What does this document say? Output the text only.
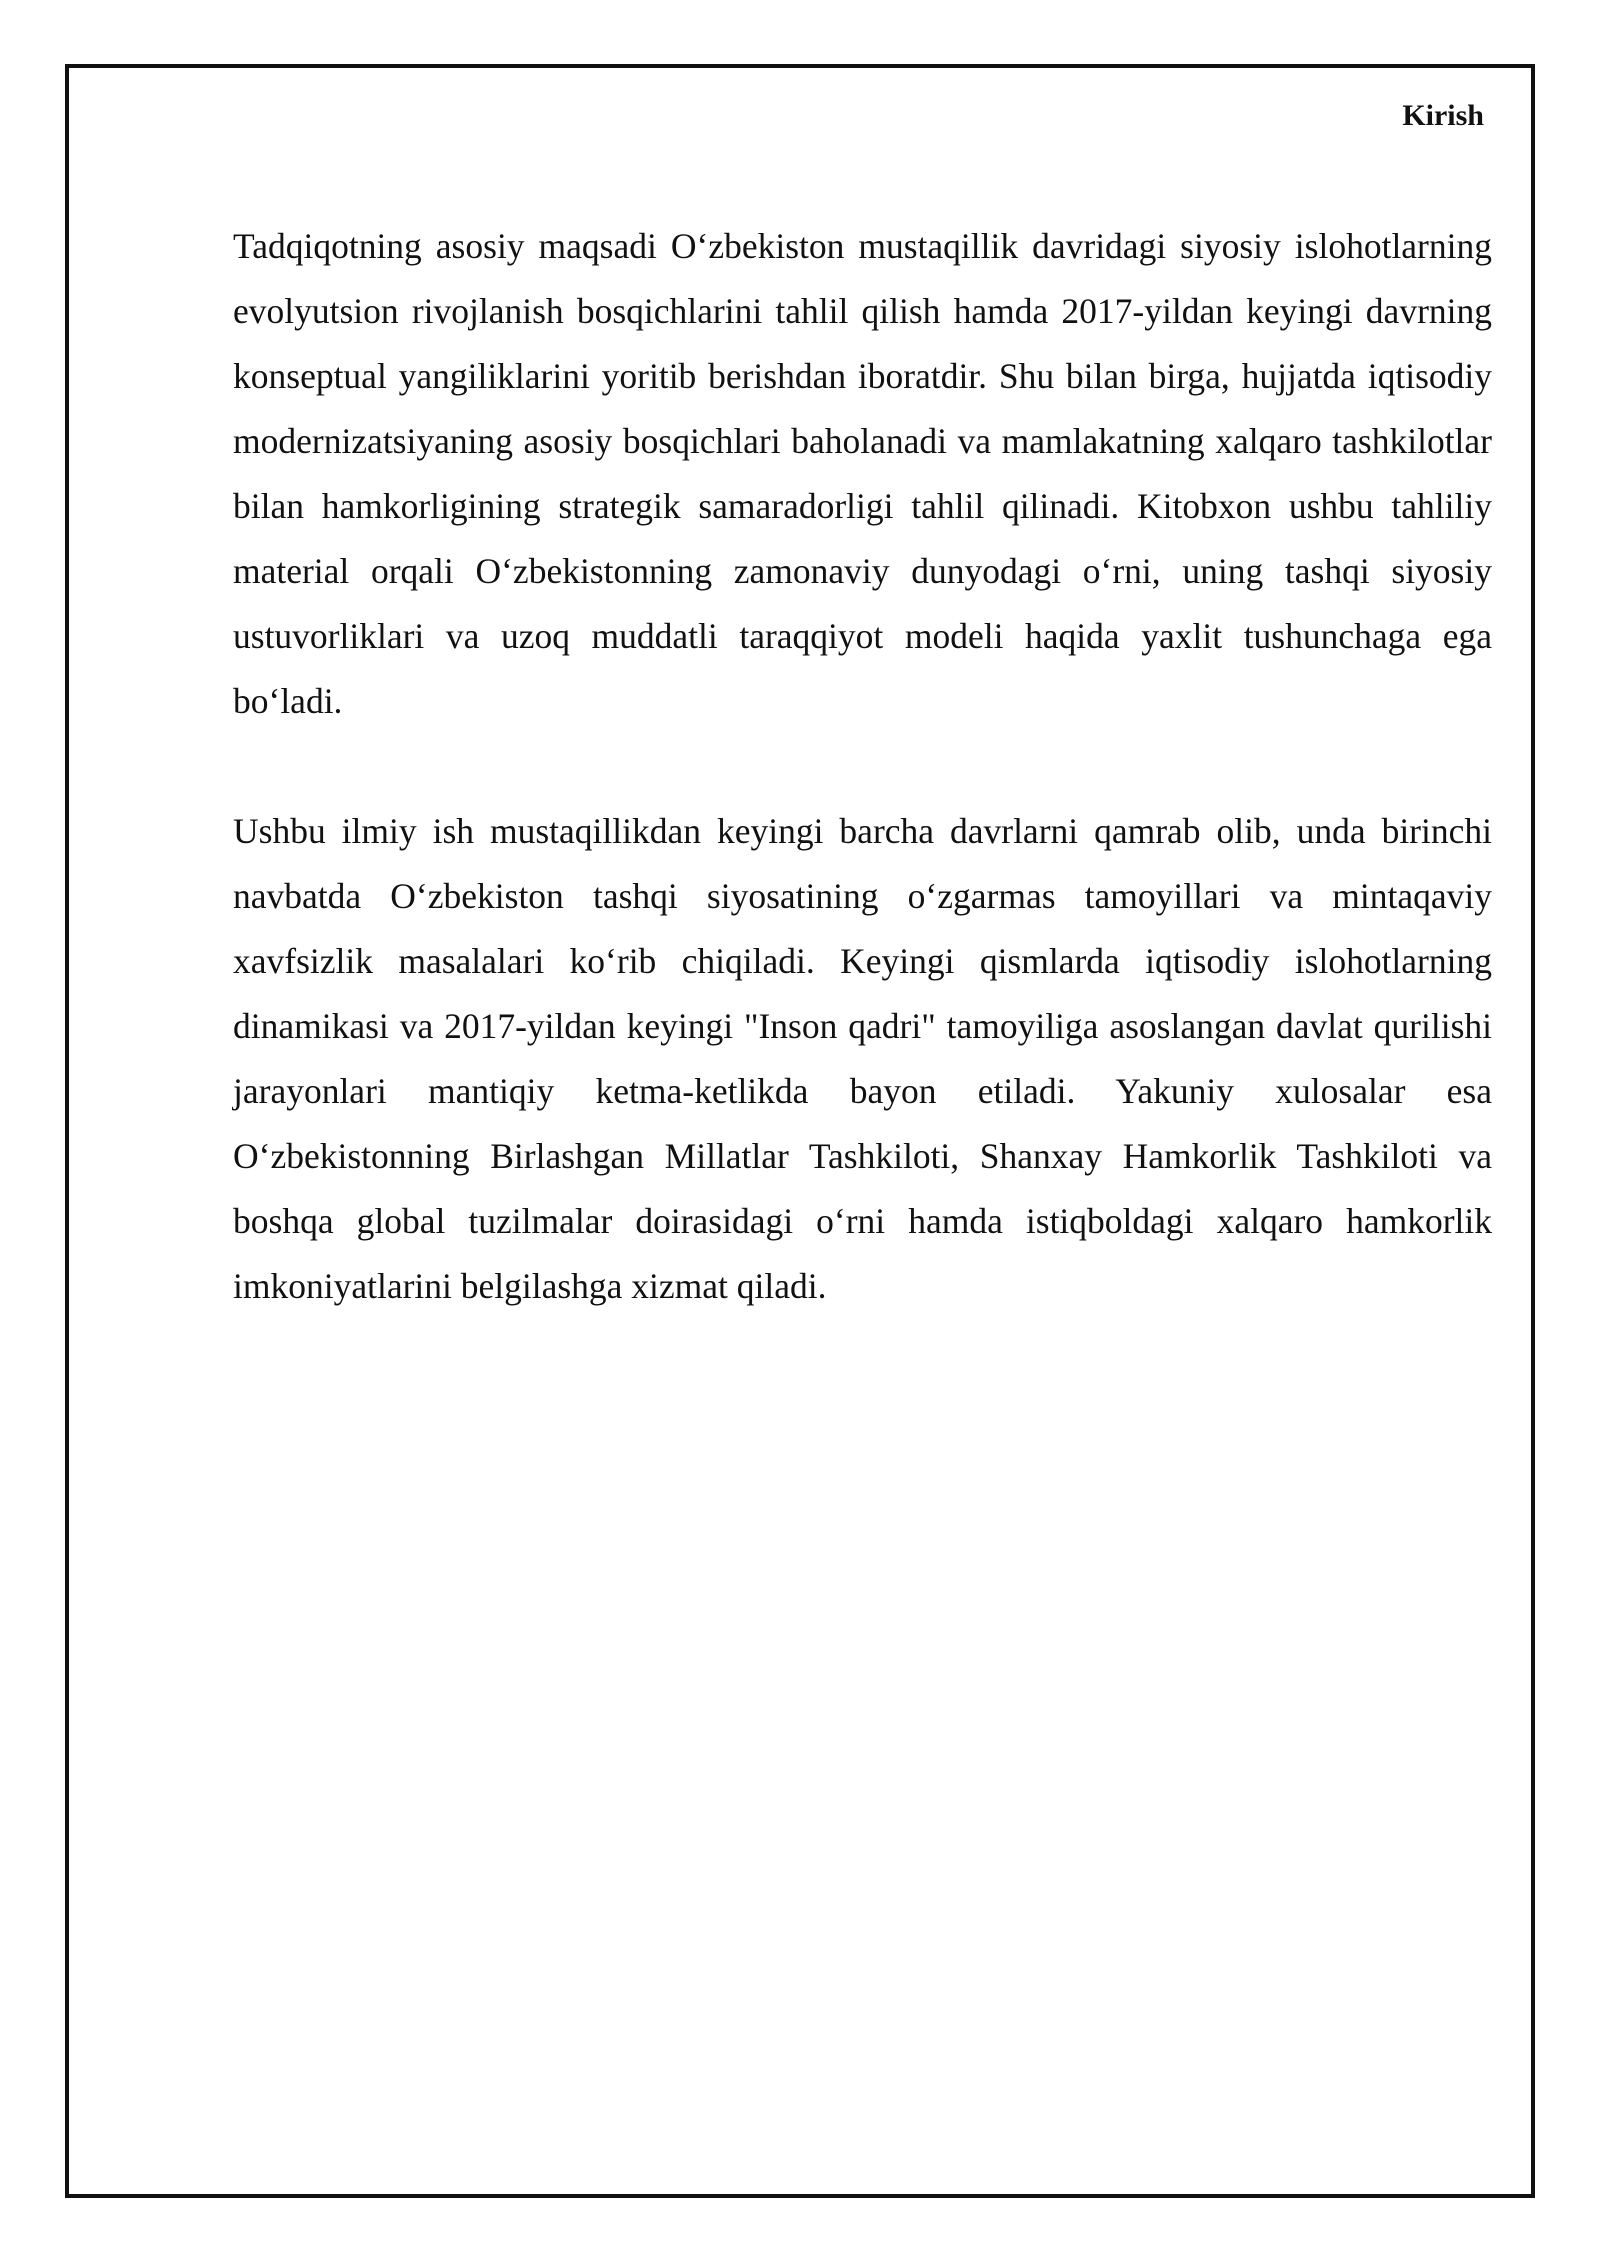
Kirish

Tadqiqotning asosiy maqsadi O‘zbekiston mustaqillik davridagi siyosiy islohotlarning evolyutsion rivojlanish bosqichlarini tahlil qilish hamda 2017-yildan keyingi davrning konseptual yangiliklarini yoritib berishdan iboratdir. Shu bilan birga, hujjatda iqtisodiy modernizatsiyaning asosiy bosqichlari baholanadi va mamlakatning xalqaro tashkilotlar bilan hamkorligining strategik samaradorligi tahlil qilinadi. Kitobxon ushbu tahliliy material orqali O‘zbekistonning zamonaviy dunyodagi o‘rni, uning tashqi siyosiy ustuvorliklari va uzoq muddatli taraqqiyot modeli haqida yaxlit tushunchaga ega bo‘ladi.

Ushbu ilmiy ish mustaqillikdan keyingi barcha davrlarni qamrab olib, unda birinchi navbatda O‘zbekiston tashqi siyosatining o‘zgarmas tamoyillari va mintaqaviy xavfsizlik masalalari ko‘rib chiqiladi. Keyingi qismlarda iqtisodiy islohotlarning dinamikasi va 2017-yildan keyingi "Inson qadri" tamoyiliga asoslangan davlat qurilishi jarayonlari mantiqiy ketma-ketlikda bayon etiladi. Yakuniy xulosalar esa O‘zbekistonning Birlashgan Millatlar Tashkiloti, Shanxay Hamkorlik Tashkiloti va boshqa global tuzilmalar doirasidagi o‘rni hamda istiqboldagi xalqaro hamkorlik imkoniyatlarini belgilashga xizmat qiladi.
